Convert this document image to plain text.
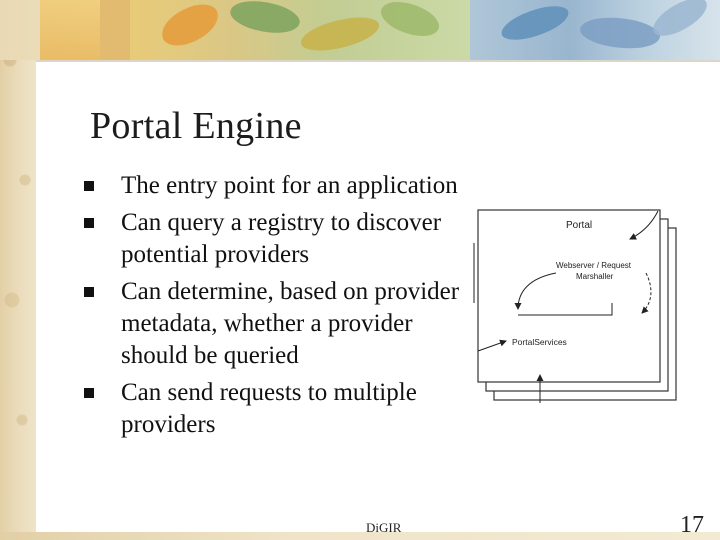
Portal Engine
The entry point for an application
Can query a registry to discover potential providers
Can determine, based on provider metadata, whether a provider should be queried
Can send requests to multiple providers
Portal
Webserver / Request
Marshaller
PortalServices
DiGIR	17
